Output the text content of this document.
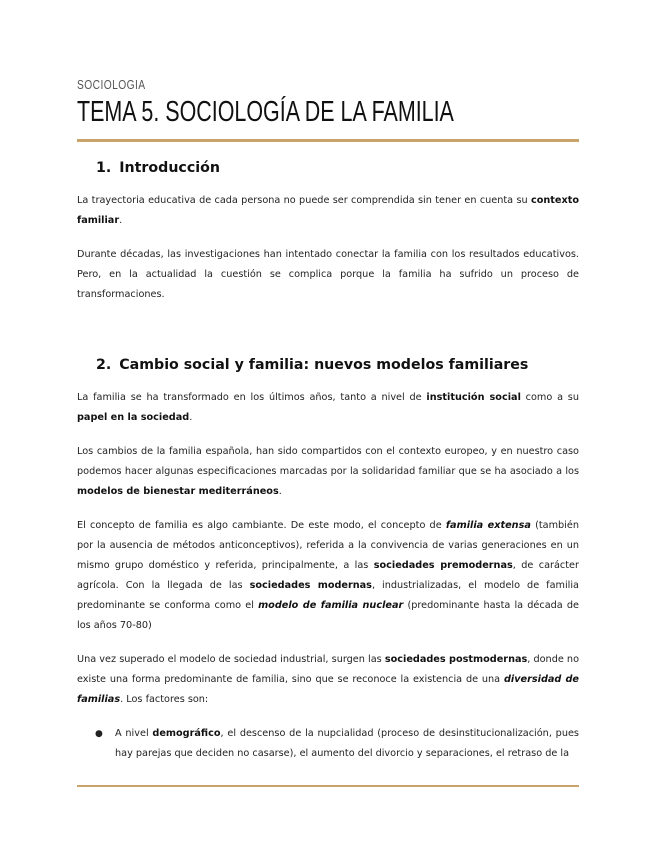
SOCIOLOGIA
TEMA 5. SOCIOLOGÍA DE LA FAMILIA
1. Introducción

La trayectoria educativa de cada persona no puede ser comprendida sin tener en cuenta su contexto familiar.

Durante décadas, las investigaciones han intentado conectar la familia con los resultados educativos. Pero, en la actualidad la cuestión se complica porque la familia ha sufrido un proceso de transformaciones.

2. Cambio social y familia: nuevos modelos familiares

La familia se ha transformado en los últimos años, tanto a nivel de institución social como a su papel en la sociedad.

Los cambios de la familia española, han sido compartidos con el contexto europeo, y en nuestro caso podemos hacer algunas especificaciones marcadas por la solidaridad familiar que se ha asociado a los modelos de bienestar mediterráneos.

El concepto de familia es algo cambiante. De este modo, el concepto de familia extensa (también por la ausencia de métodos anticonceptivos), referida a la convivencia de varias generaciones en un mismo grupo doméstico y referida, principalmente, a las sociedades premodernas, de carácter agrícola. Con la llegada de las sociedades modernas, industrializadas, el modelo de familia predominante se conforma como el modelo de familia nuclear (predominante hasta la década de los años 70-80)

Una vez superado el modelo de sociedad industrial, surgen las sociedades postmodernas, donde no existe una forma predominante de familia, sino que se reconoce la existencia de una diversidad de familias. Los factores son:

● A nivel demográfico, el descenso de la nupcialidad (proceso de desinstitucionalización, pues hay parejas que deciden no casarse), el aumento del divorcio y separaciones, el retraso de la
